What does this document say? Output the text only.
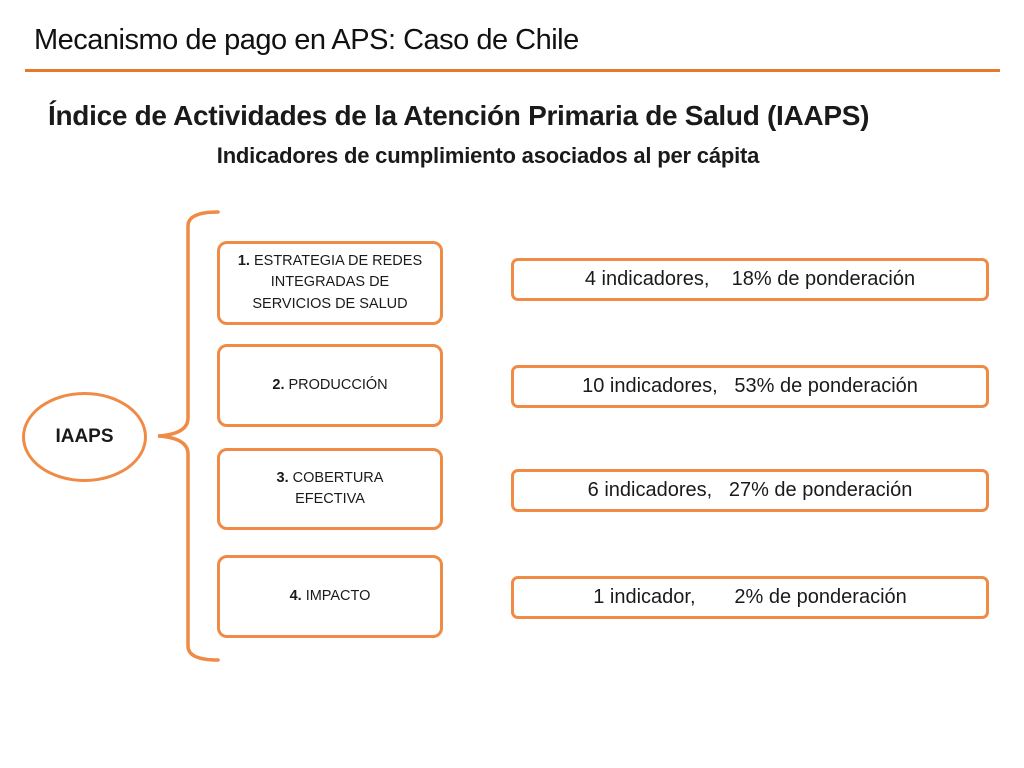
Mecanismo de pago en APS: Caso de Chile
Índice de Actividades de la Atención Primaria de Salud (IAAPS)
Indicadores de cumplimiento asociados al per cápita
IAAPS
1. ESTRATEGIA DE REDES INTEGRADAS DE SERVICIOS DE SALUD
2. PRODUCCIÓN
3. COBERTURA EFECTIVA
4. IMPACTO
4 indicadores,    18% de ponderación
10 indicadores,   53% de ponderación
6 indicadores,   27% de ponderación
1 indicador,       2% de ponderación
